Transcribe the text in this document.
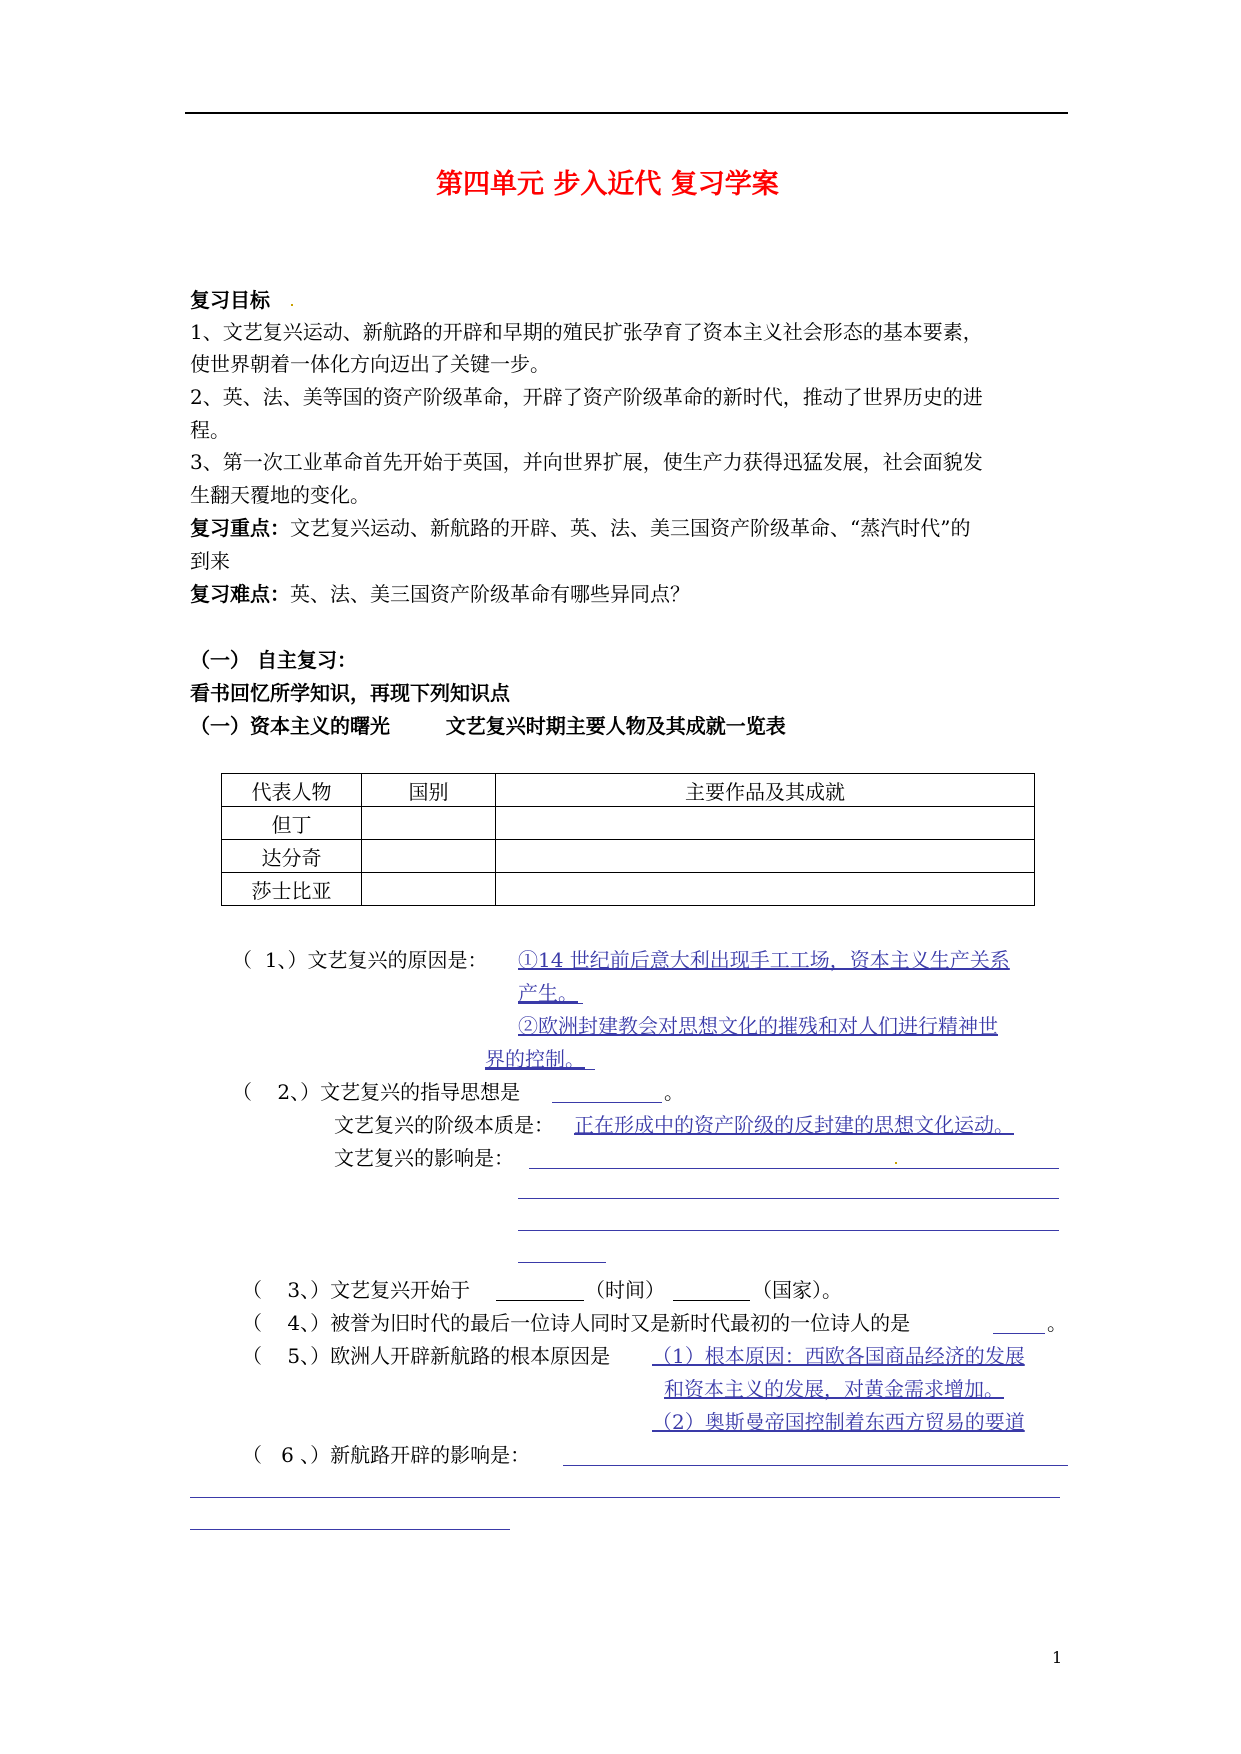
第四单元 步入近代 复习学案
复习目标
1、文艺复兴运动、新航路的开辟和早期的殖民扩张孕育了资本主义社会形态的基本要素，
使世界朝着一体化方向迈出了关键一步。
2、英、法、美等国的资产阶级革命，开辟了资产阶级革命的新时代，推动了世界历史的进
程。
3、第一次工业革命首先开始于英国，并向世界扩展，使生产力获得迅猛发展，社会面貌发
生翻天覆地的变化。
复习重点：文艺复兴运动、新航路的开辟、英、法、美三国资产阶级革命、“蒸汽时代”的
到来
复习难点：英、法、美三国资产阶级革命有哪些异同点？
（一） 自主复习：
看书回忆所学知识，再现下列知识点
（一）资本主义的曙光        文艺复兴时期主要人物及其成就一览表
代表人物	国别	主要作品及其成就
但丁		
达分奇		
莎士比亚		
（  1、）文艺复兴的原因是： ①14 世纪前后意大利出现手工工场，资本主义生产关系
产生。
②欧洲封建教会对思想文化的摧残和对人们进行精神世
界的控制。
（    2、）文艺复兴的指导思想是	。
文艺复兴的阶级本质是： 正在形成中的资产阶级的反封建的思想文化运动。
文艺复兴的影响是：
（    3、）文艺复兴开始于	（时间）	（国家）。
（    4、）被誉为旧时代的最后一位诗人同时又是新时代最初的一位诗人的是	。
（    5、）欧洲人开辟新航路的根本原因是 （1）根本原因：西欧各国商品经济的发展
和资本主义的发展，对黄金需求增加。
（2）奥斯曼帝国控制着东西方贸易的要道
（   6 、）新航路开辟的影响是：
1
